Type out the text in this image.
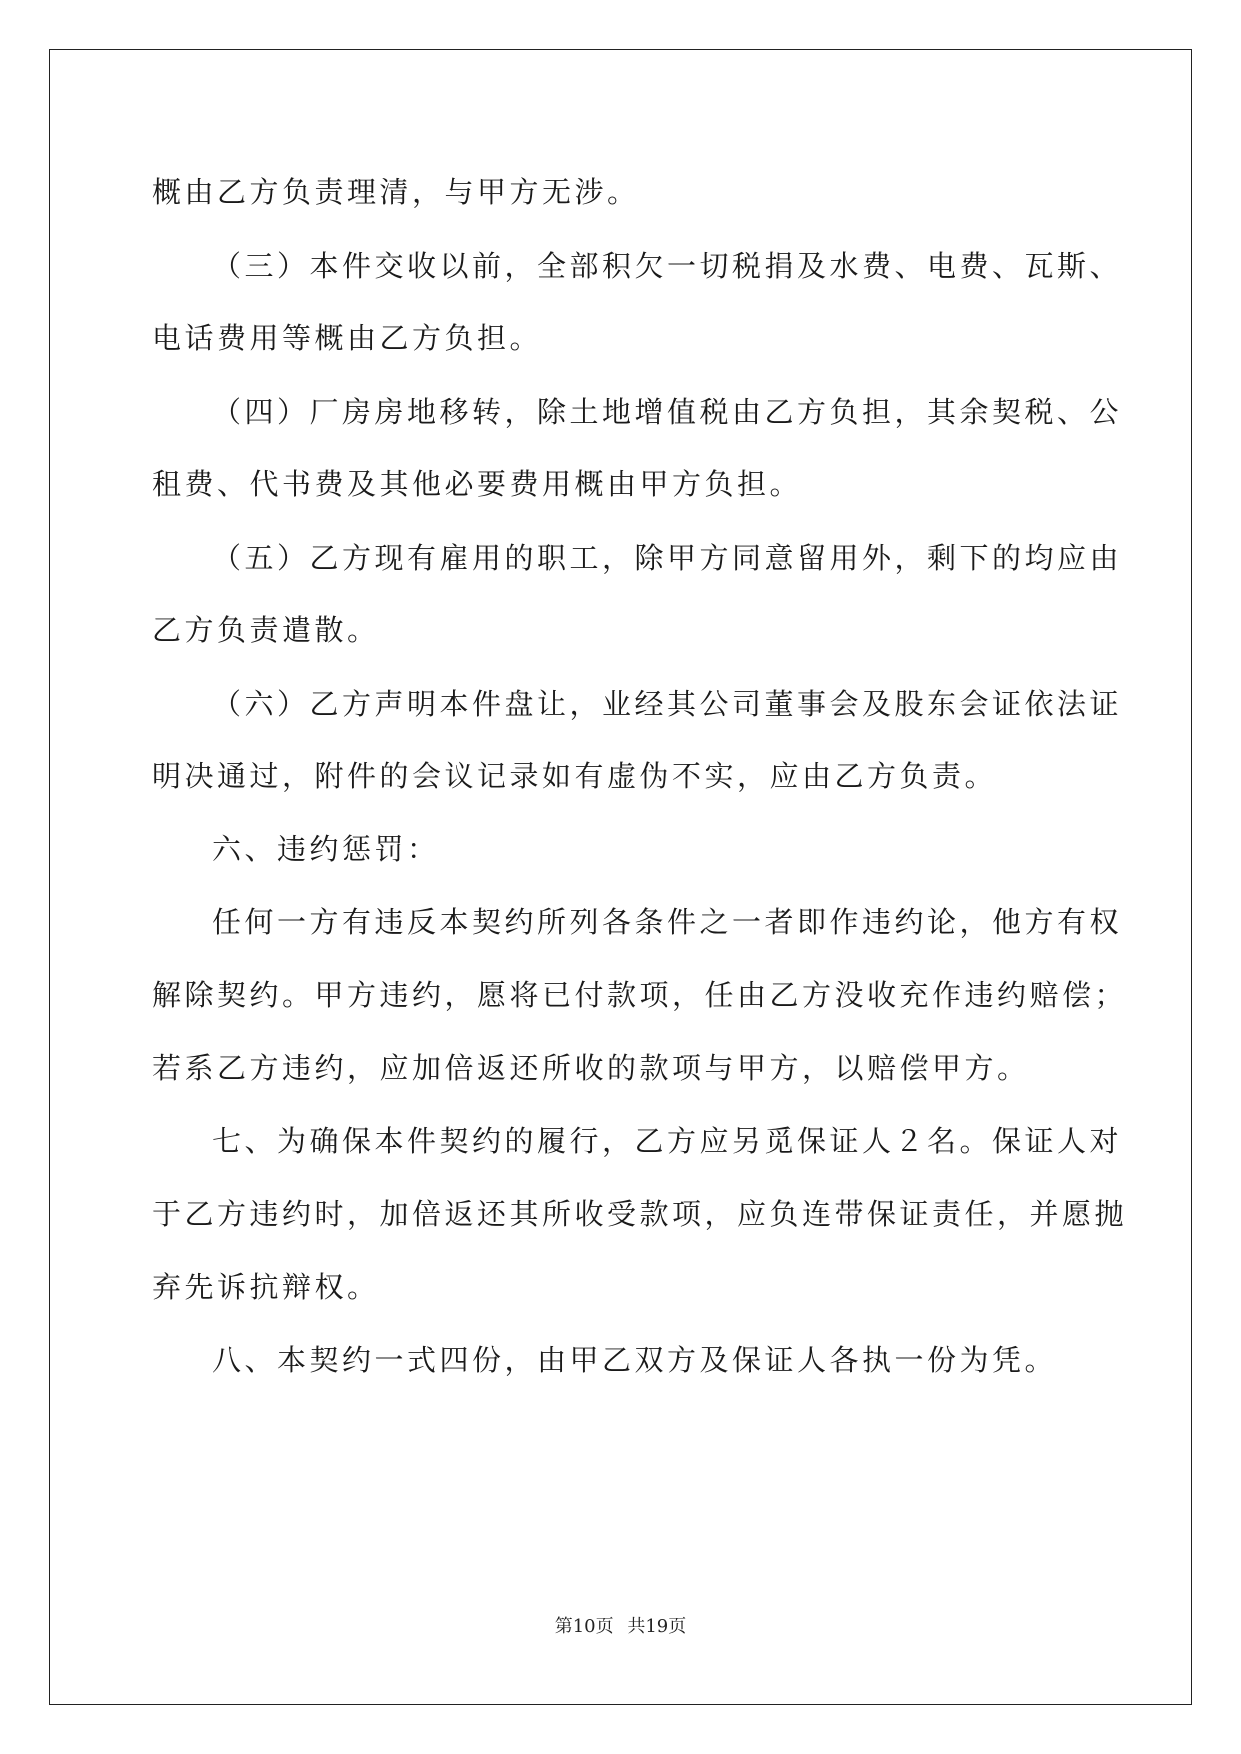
概由乙方负责理清，与甲方无涉。
（三）本件交收以前，全部积欠一切税捐及水费、电费、瓦斯、
电话费用等概由乙方负担。
（四）厂房房地移转，除土地增值税由乙方负担，其余契税、公
租费、代书费及其他必要费用概由甲方负担。
（五）乙方现有雇用的职工，除甲方同意留用外，剩下的均应由
乙方负责遣散。
（六）乙方声明本件盘让，业经其公司董事会及股东会证依法证
明决通过，附件的会议记录如有虚伪不实，应由乙方负责。
六、违约惩罚：
任何一方有违反本契约所列各条件之一者即作违约论，他方有权
解除契约。甲方违约，愿将已付款项，任由乙方没收充作违约赔偿；
若系乙方违约，应加倍返还所收的款项与甲方，以赔偿甲方。
七、为确保本件契约的履行，乙方应另觅保证人２名。保证人对
于乙方违约时，加倍返还其所收受款项，应负连带保证责任，并愿抛
弃先诉抗辩权。
八、本契约一式四份，由甲乙双方及保证人各执一份为凭。
第10页 共19页
